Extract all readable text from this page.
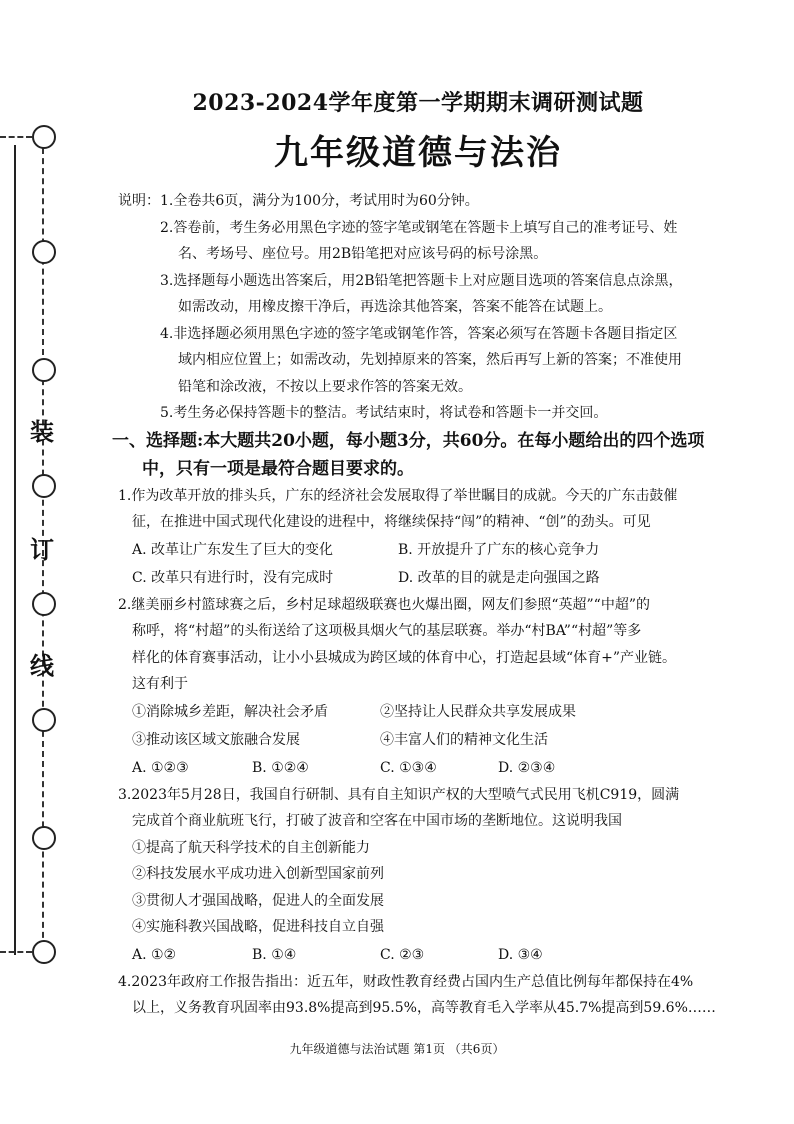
装
订
线
2023-2024学年度第一学期期末调研测试题
九年级道德与法治
说明：1.全卷共6页，满分为100分，考试用时为60分钟。
2.答卷前，考生务必用黑色字迹的签字笔或钢笔在答题卡上填写自己的准考证号、姓
名、考场号、座位号。用2B铅笔把对应该号码的标号涂黑。
3.选择题每小题选出答案后，用2B铅笔把答题卡上对应题目选项的答案信息点涂黑，
如需改动，用橡皮擦干净后，再选涂其他答案，答案不能答在试题上。
4.非选择题必须用黑色字迹的签字笔或钢笔作答，答案必须写在答题卡各题目指定区
域内相应位置上；如需改动，先划掉原来的答案，然后再写上新的答案；不准使用
铅笔和涂改液，不按以上要求作答的答案无效。
5.考生务必保持答题卡的整洁。考试结束时，将试卷和答题卡一并交回。
一、选择题:本大题共20小题，每小题3分，共60分。在每小题给出的四个选项
中，只有一项是最符合题目要求的。
1.作为改革开放的排头兵，广东的经济社会发展取得了举世瞩目的成就。今天的广东击鼓催
征，在推进中国式现代化建设的进程中，将继续保持“闯”的精神、“创”的劲头。可见
A. 改革让广东发生了巨大的变化	B. 开放提升了广东的核心竞争力
C. 改革只有进行时，没有完成时	D. 改革的目的就是走向强国之路
2.继美丽乡村篮球赛之后，乡村足球超级联赛也火爆出圈，网友们参照“英超”“中超”的
称呼，将“村超”的头衔送给了这项极具烟火气的基层联赛。举办“村BA”“村超”等多
样化的体育赛事活动，让小小县城成为跨区域的体育中心，打造起县域“体育+”产业链。
这有利于
①消除城乡差距，解决社会矛盾	②坚持让人民群众共享发展成果
③推动该区域文旅融合发展	④丰富人们的精神文化生活
A. ①②③	B. ①②④	C. ①③④	D. ②③④
3.2023年5月28日，我国自行研制、具有自主知识产权的大型喷气式民用飞机C919，圆满
完成首个商业航班飞行，打破了波音和空客在中国市场的垄断地位。这说明我国
①提高了航天科学技术的自主创新能力
②科技发展水平成功进入创新型国家前列
③贯彻人才强国战略，促进人的全面发展
④实施科教兴国战略，促进科技自立自强
A. ①②	B. ①④	C. ②③	D. ③④
4.2023年政府工作报告指出：近五年，财政性教育经费占国内生产总值比例每年都保持在4%
以上，义务教育巩固率由93.8%提高到95.5%，高等教育毛入学率从45.7%提高到59.6%……
九年级道德与法治试题 第1页 （共6页）
